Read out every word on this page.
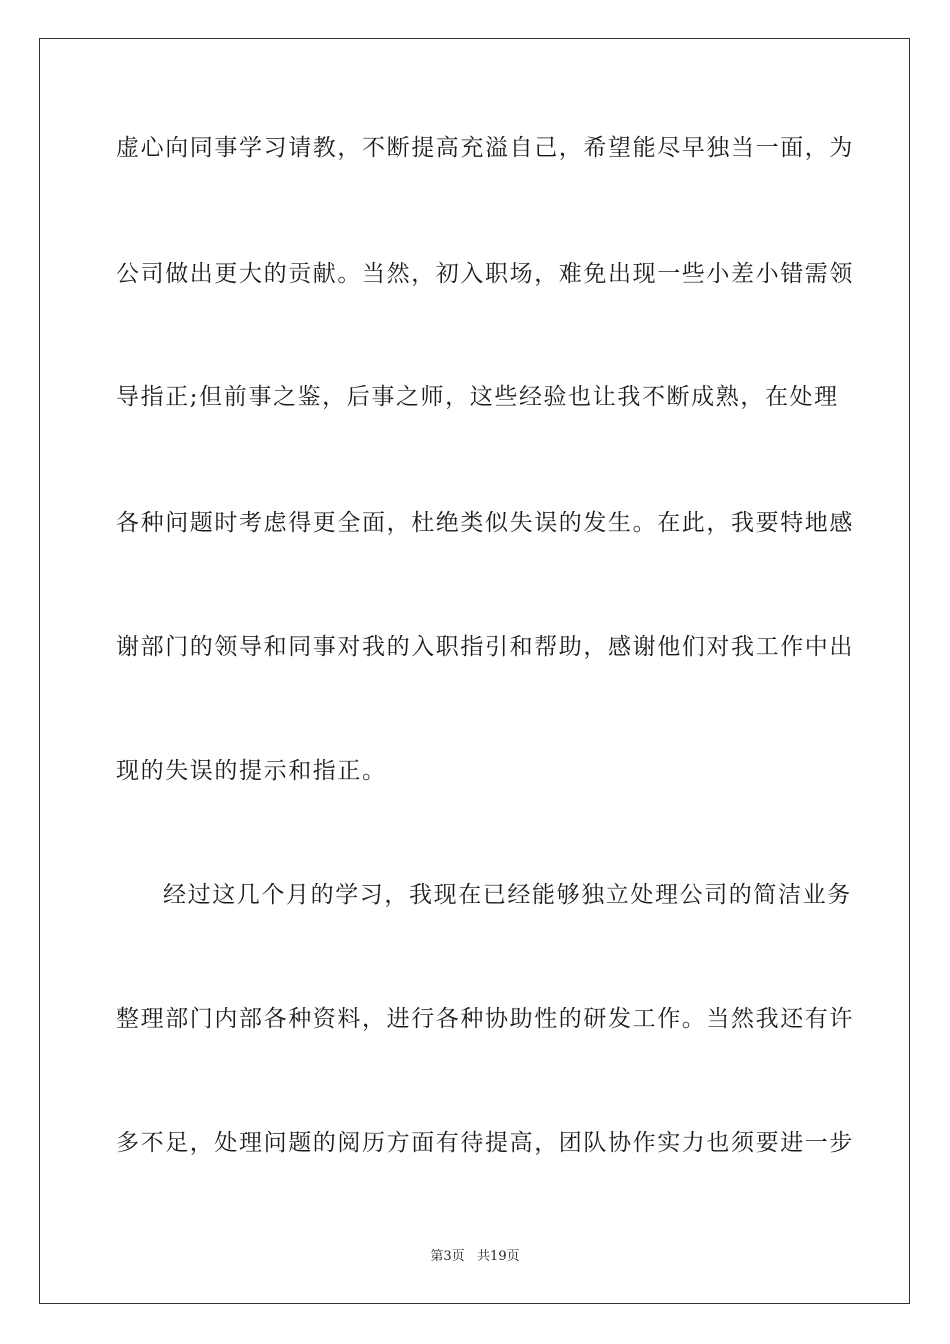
虚心向同事学习请教，不断提高充溢自己，希望能尽早独当一面，为
公司做出更大的贡献。当然，初入职场，难免出现一些小差小错需领
导指正;但前事之鉴，后事之师，这些经验也让我不断成熟，在处理
各种问题时考虑得更全面，杜绝类似失误的发生。在此，我要特地感
谢部门的领导和同事对我的入职指引和帮助，感谢他们对我工作中出
现的失误的提示和指正。
经过这几个月的学习，我现在已经能够独立处理公司的简洁业务
整理部门内部各种资料，进行各种协助性的研发工作。当然我还有许
多不足，处理问题的阅历方面有待提高，团队协作实力也须要进一步
第3页   共19页
